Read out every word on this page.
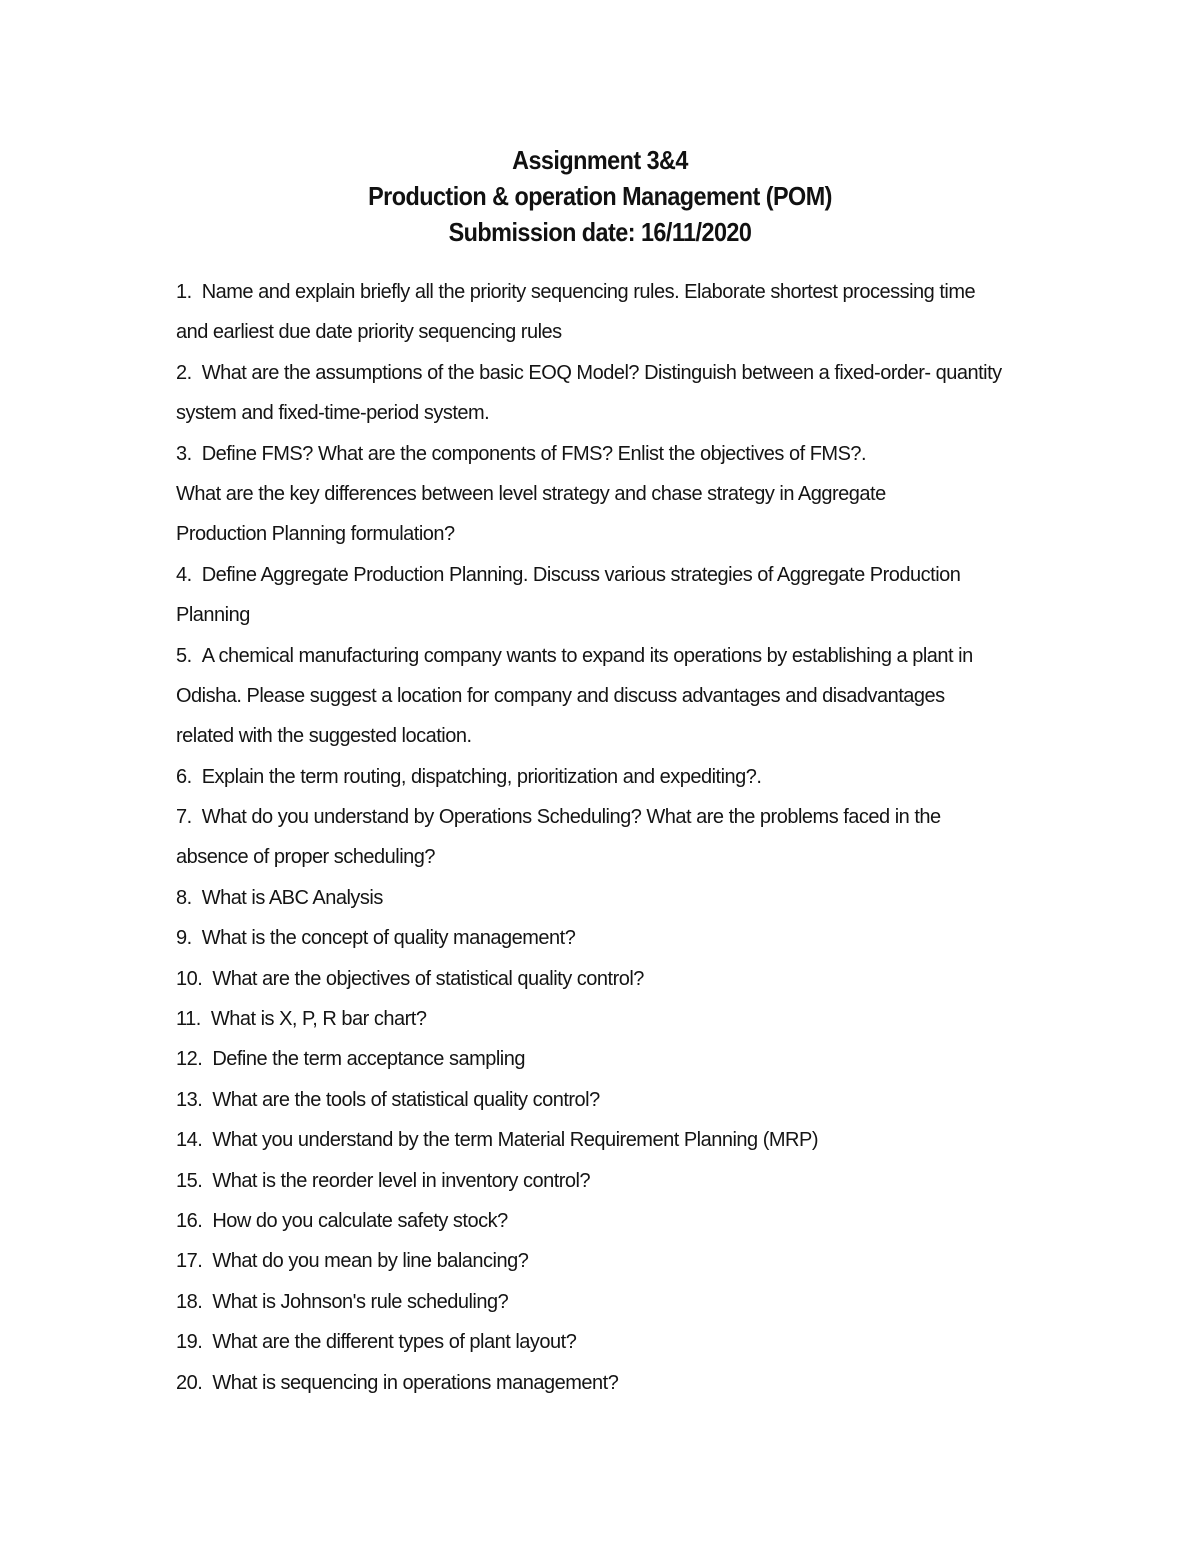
Assignment 3&4

Production & operation Management (POM)

Submission date: 16/11/2020

1. Name and explain briefly all the priority sequencing rules. Elaborate shortest processing time
and earliest due date priority sequencing rules
2. What are the assumptions of the basic EOQ Model? Distinguish between a fixed-order- quantity
system and fixed-time-period system.
3. Define FMS? What are the components of FMS? Enlist the objectives of FMS?.
What are the key differences between level strategy and chase strategy in Aggregate
Production Planning formulation?
4. Define Aggregate Production Planning. Discuss various strategies of Aggregate Production
Planning
5. A chemical manufacturing company wants to expand its operations by establishing a plant in
Odisha. Please suggest a location for company and discuss advantages and disadvantages
related with the suggested location.
6. Explain the term routing, dispatching, prioritization and expediting?.
7. What do you understand by Operations Scheduling? What are the problems faced in the
absence of proper scheduling?
8. What is ABC Analysis
9. What is the concept of quality management?
10. What are the objectives of statistical quality control?
11. What is X, P, R bar chart?
12. Define the term acceptance sampling
13. What are the tools of statistical quality control?
14. What you understand by the term Material Requirement Planning (MRP)
15. What is the reorder level in inventory control?
16. How do you calculate safety stock?
17. What do you mean by line balancing?
18. What is Johnson's rule scheduling?
19. What are the different types of plant layout?
20. What is sequencing in operations management?
